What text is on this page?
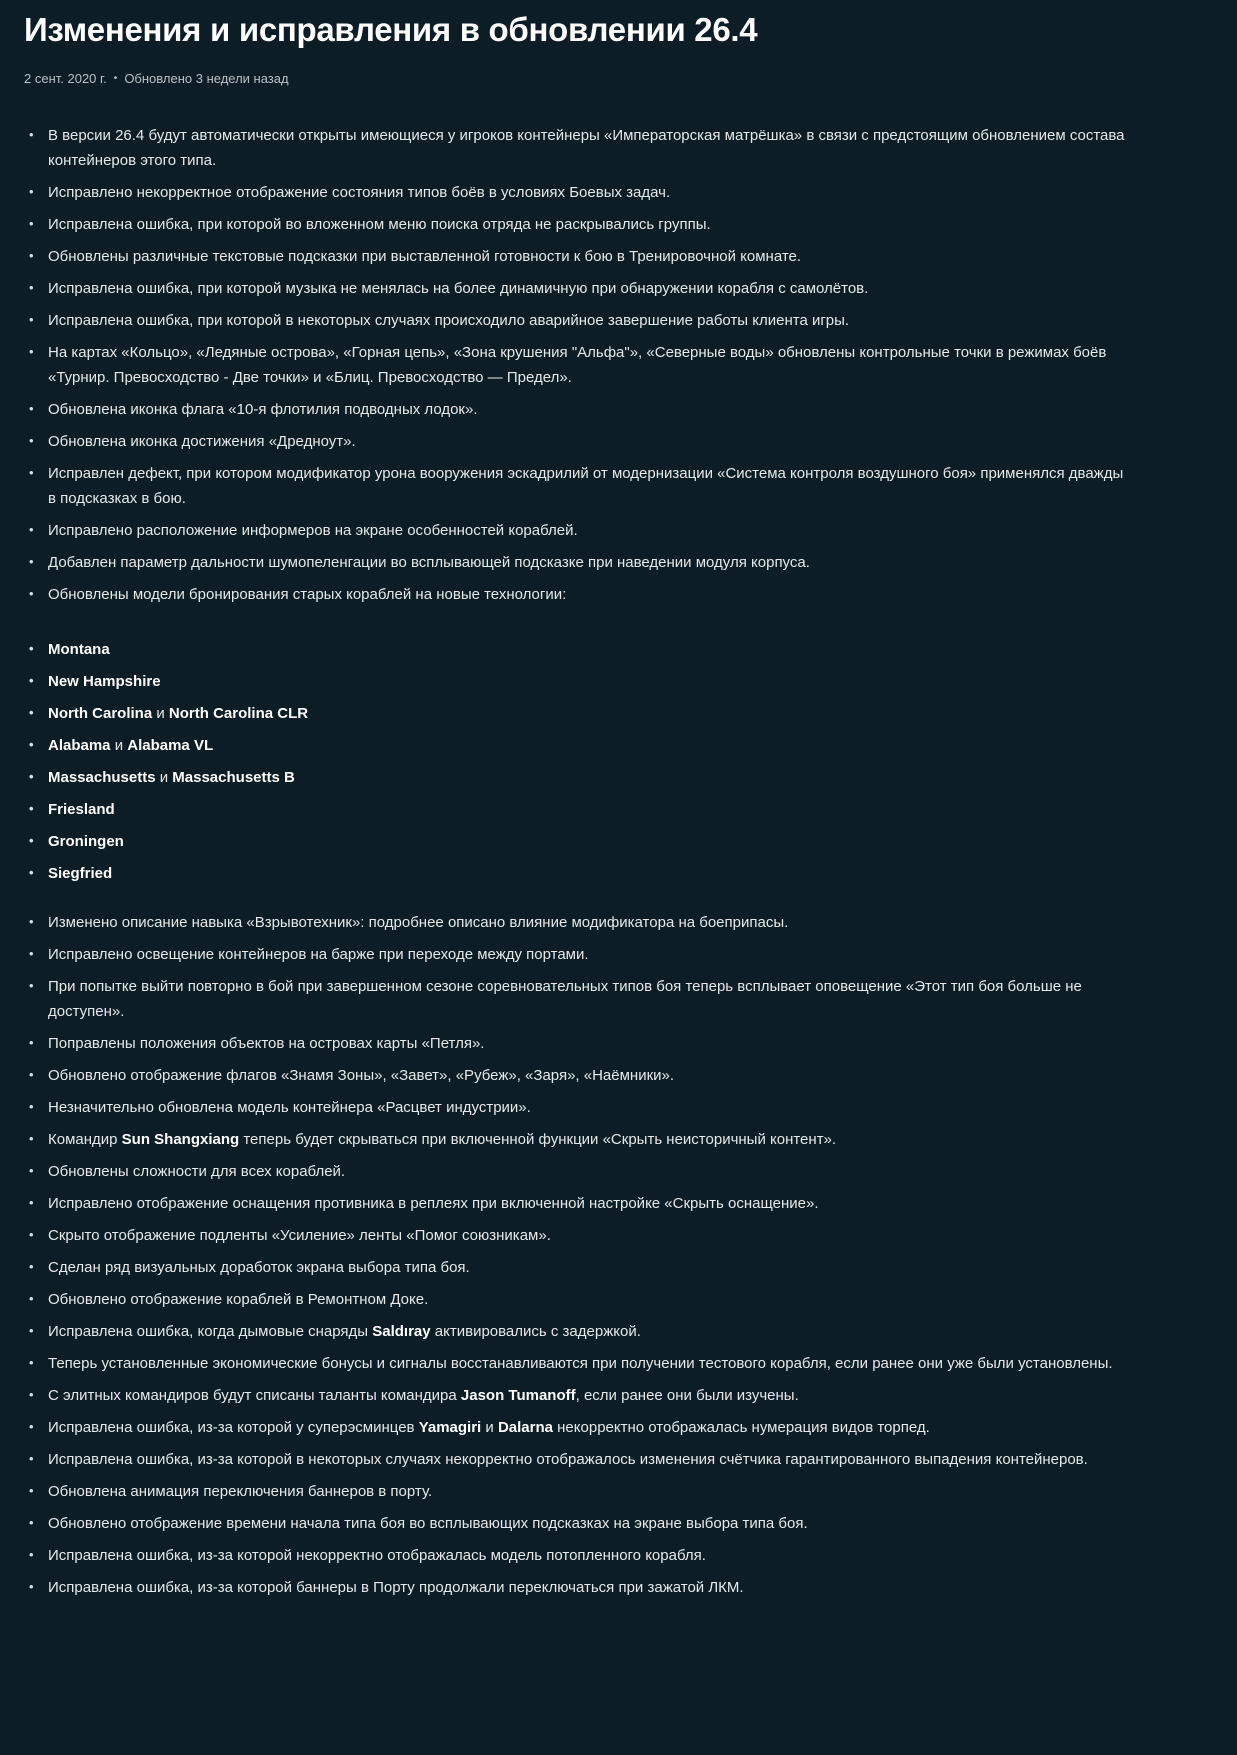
Изменения и исправления в обновлении 26.4
2 сент. 2020 г. • Обновлено 3 недели назад
• В версии 26.4 будут автоматически открыты имеющиеся у игроков контейнеры «Императорская матрёшка» в связи с предстоящим обновлением состава контейнеров этого типа.
• Исправлено некорректное отображение состояния типов боёв в условиях Боевых задач.
• Исправлена ошибка, при которой во вложенном меню поиска отряда не раскрывались группы.
• Обновлены различные текстовые подсказки при выставленной готовности к бою в Тренировочной комнате.
• Исправлена ошибка, при которой музыка не менялась на более динамичную при обнаружении корабля с самолётов.
• Исправлена ошибка, при которой в некоторых случаях происходило аварийное завершение работы клиента игры.
• На картах «Кольцо», «Ледяные острова», «Горная цепь», «Зона крушения "Альфа"», «Северные воды» обновлены контрольные точки в режимах боёв «Турнир. Превосходство - Две точки» и «Блиц. Превосходство — Предел».
• Обновлена иконка флага «10-я флотилия подводных лодок».
• Обновлена иконка достижения «Дредноут».
• Исправлен дефект, при котором модификатор урона вооружения эскадрилий от модернизации «Система контроля воздушного боя» применялся дважды в подсказках в бою.
• Исправлено расположение информеров на экране особенностей кораблей.
• Добавлен параметр дальности шумопеленгации во всплывающей подсказке при наведении модуля корпуса.
• Обновлены модели бронирования старых кораблей на новые технологии:
• Montana
• New Hampshire
• North Carolina и North Carolina CLR
• Alabama и Alabama VL
• Massachusetts и Massachusetts B
• Friesland
• Groningen
• Siegfried
• Изменено описание навыка «Взрывотехник»: подробнее описано влияние модификатора на боеприпасы.
• Исправлено освещение контейнеров на барже при переходе между портами.
• При попытке выйти повторно в бой при завершенном сезоне соревновательных типов боя теперь всплывает оповещение «Этот тип боя больше не доступен».
• Поправлены положения объектов на островах карты «Петля».
• Обновлено отображение флагов «Знамя Зоны», «Завет», «Рубеж», «Заря», «Наёмники».
• Незначительно обновлена модель контейнера «Расцвет индустрии».
• Командир Sun Shangxiang теперь будет скрываться при включенной функции «Скрыть неисторичный контент».
• Обновлены сложности для всех кораблей.
• Исправлено отображение оснащения противника в реплеях при включенной настройке «Скрыть оснащение».
• Скрыто отображение подленты «Усиление» ленты «Помог союзникам».
• Сделан ряд визуальных доработок экрана выбора типа боя.
• Обновлено отображение кораблей в Ремонтном Доке.
• Исправлена ошибка, когда дымовые снаряды Saldıray активировались с задержкой.
• Теперь установленные экономические бонусы и сигналы восстанавливаются при получении тестового корабля, если ранее они уже были установлены.
• С элитных командиров будут списаны таланты командира Jason Tumanoff, если ранее они были изучены.
• Исправлена ошибка, из-за которой у суперэсминцев Yamagiri и Dalarna некорректно отображалась нумерация видов торпед.
• Исправлена ошибка, из-за которой в некоторых случаях некорректно отображалось изменения счётчика гарантированного выпадения контейнеров.
• Обновлена анимация переключения баннеров в порту.
• Обновлено отображение времени начала типа боя во всплывающих подсказках на экране выбора типа боя.
• Исправлена ошибка, из-за которой некорректно отображалась модель потопленного корабля.
• Исправлена ошибка, из-за которой баннеры в Порту продолжали переключаться при зажатой ЛКМ.
